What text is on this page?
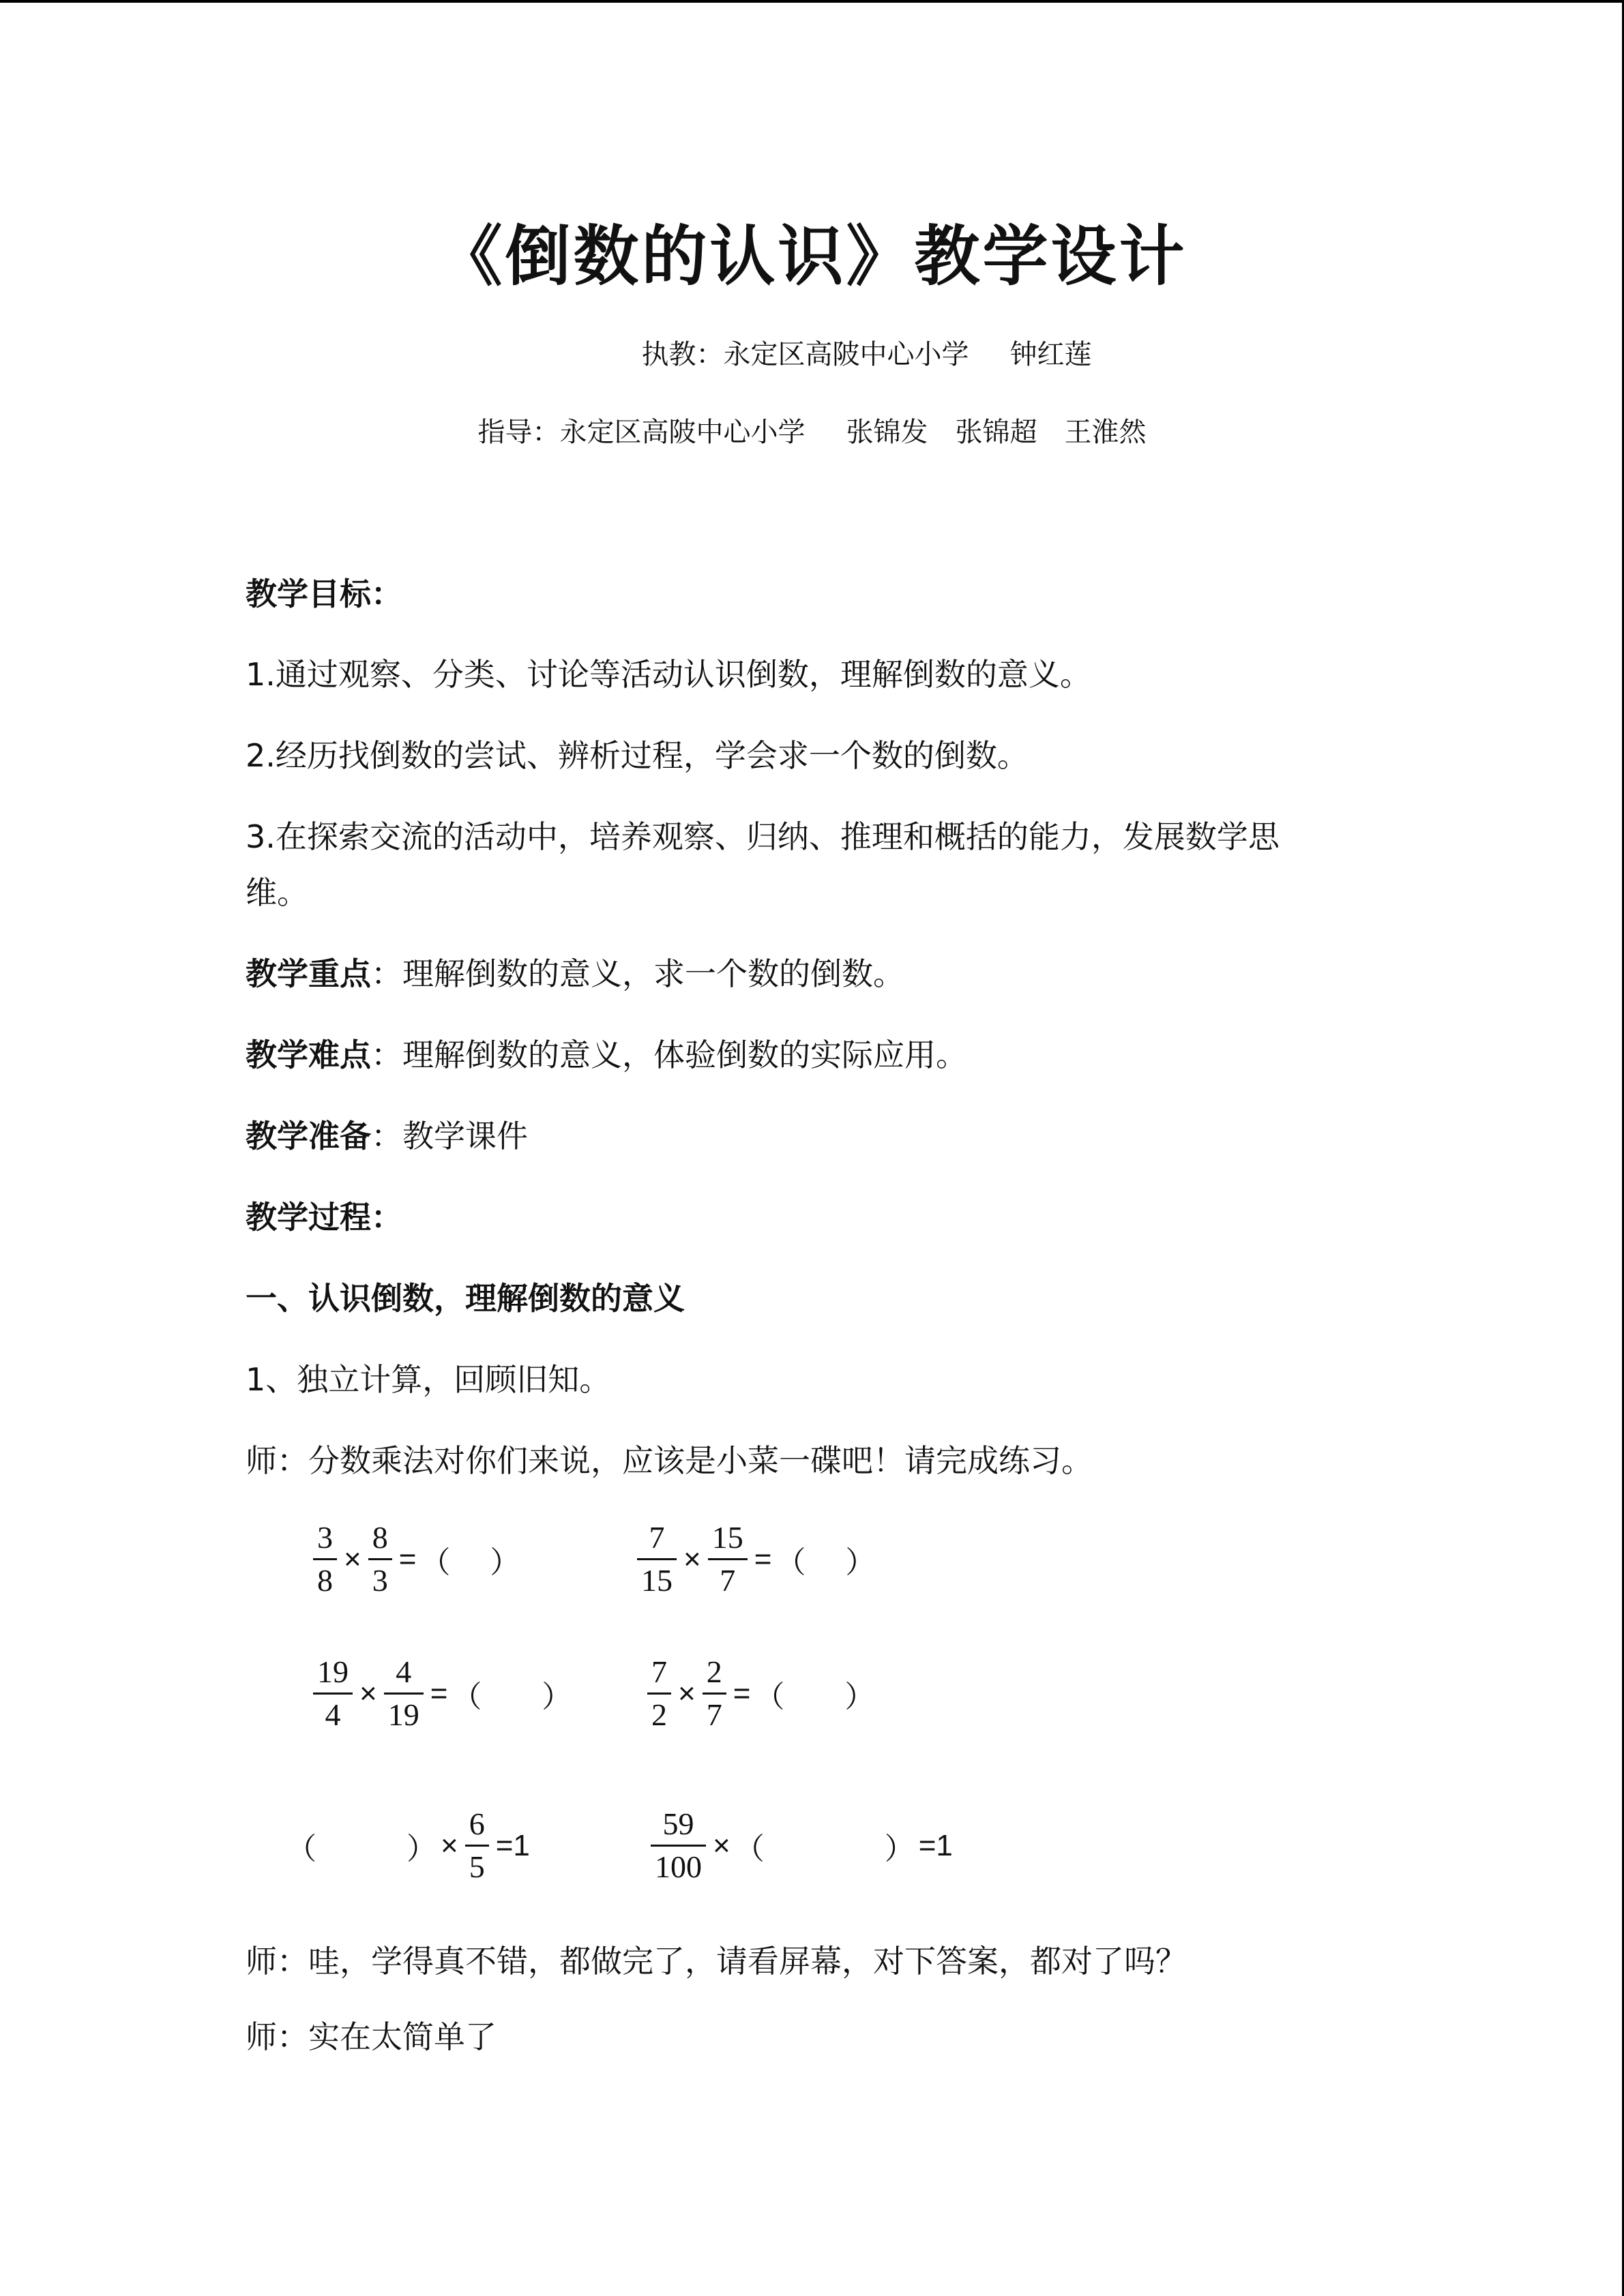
《倒数的认识》教学设计
执教：永定区高陂中心小学 钟红莲
指导：永定区高陂中心小学 张锦发 张锦超 王淮然
教学目标：
1.通过观察、分类、讨论等活动认识倒数，理解倒数的意义。
2.经历找倒数的尝试、辨析过程，学会求一个数的倒数。
3.在探索交流的活动中，培养观察、归纳、推理和概括的能力，发展数学思维。
教学重点：理解倒数的意义，求一个数的倒数。
教学难点：理解倒数的意义，体验倒数的实际应用。
教学准备：教学课件
教学过程：
一、认识倒数，理解倒数的意义
1、独立计算，回顾旧知。
师：分数乘法对你们来说，应该是小菜一碟吧！请完成练习。
$\frac{3}{8} \times \frac{8}{3}$ = （　 ）	$\frac{7}{15} \times \frac{15}{7}$ = （　 ）
$\frac{19}{4} \times \frac{4}{19}$ = （　　） $\frac{7}{2} \times \frac{2}{7}$ = （　　）
（　　　） × $\frac{6}{5} =1$	$\frac{59}{100}$ × （　　　　） =1
师：哇，学得真不错，都做完了，请看屏幕，对下答案，都对了吗？
师：实在太简单了
